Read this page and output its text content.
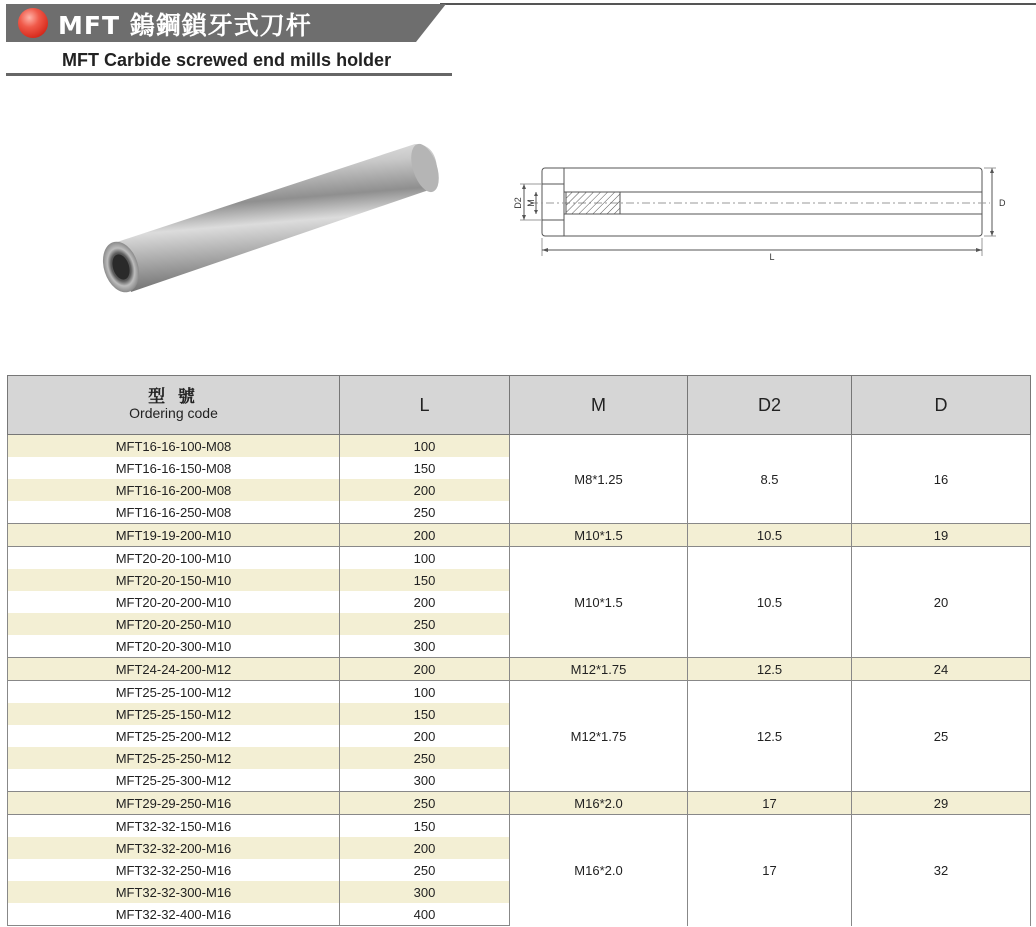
MFT 鎢鋼鎖牙式刀杆
MFT Carbide screwed end mills holder
D2 M	D
L
型 號
Ordering code	L	M	D2	D
MFT16-16-100-M08	100	M8*1.25	8.5	16
MFT16-16-150-M08	150			
MFT16-16-200-M08	200			
MFT16-16-250-M08	250			
MFT19-19-200-M10	200	M10*1.5	10.5	19
MFT20-20-100-M10	100	M10*1.5	10.5	20
MFT20-20-150-M10	150			
MFT20-20-200-M10	200			
MFT20-20-250-M10	250			
MFT20-20-300-M10	300			
MFT24-24-200-M12	200	M12*1.75	12.5	24
MFT25-25-100-M12	100	M12*1.75	12.5	25
MFT25-25-150-M12	150			
MFT25-25-200-M12	200			
MFT25-25-250-M12	250			
MFT25-25-300-M12	300			
MFT29-29-250-M16	250	M16*2.0	17	29
MFT32-32-150-M16	150	M16*2.0	17	32
MFT32-32-200-M16	200			
MFT32-32-250-M16	250			
MFT32-32-300-M16	300			
MFT32-32-400-M16	400			
